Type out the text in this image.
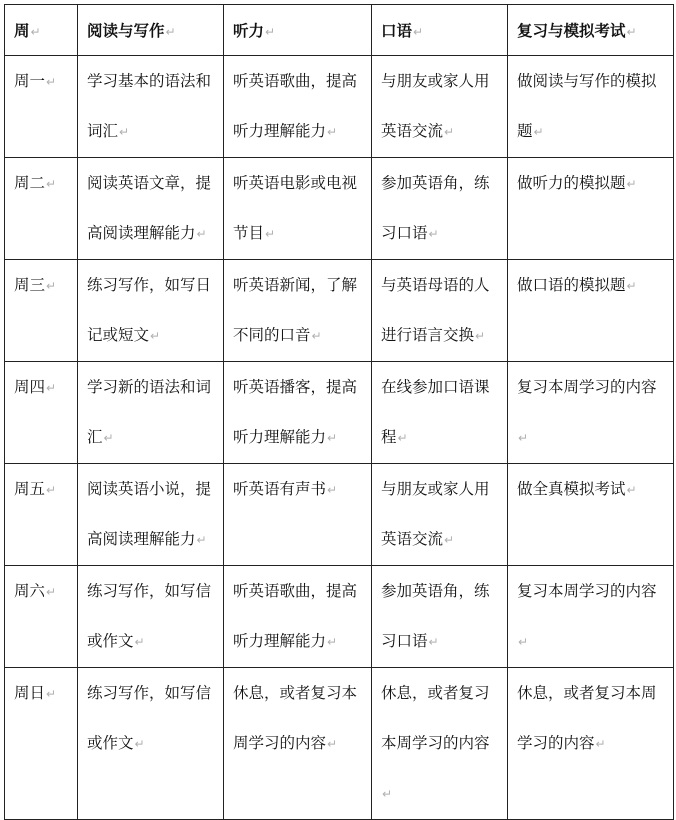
周↵	阅读与写作↵	听力↵	口语↵	复习与模拟考试↵
周一↵	学习基本的语法和词汇↵	听英语歌曲，提高听力理解能力↵	与朋友或家人用英语交流↵	做阅读与写作的模拟题↵
周二↵	阅读英语文章，提高阅读理解能力↵	听英语电影或电视节目↵	参加英语角，练习口语↵	做听力的模拟题↵
周三↵	练习写作，如写日记或短文↵	听英语新闻，了解不同的口音↵	与英语母语的人进行语言交换↵	做口语的模拟题↵
周四↵	学习新的语法和词汇↵	听英语播客，提高听力理解能力↵	在线参加口语课程↵	复习本周学习的内容↵
周五↵	阅读英语小说，提高阅读理解能力↵	听英语有声书↵	与朋友或家人用英语交流↵	做全真模拟考试↵
周六↵	练习写作，如写信或作文↵	听英语歌曲，提高听力理解能力↵	参加英语角，练习口语↵	复习本周学习的内容↵
周日↵	练习写作，如写信或作文↵	休息，或者复习本周学习的内容↵	休息，或者复习本周学习的内容↵	休息，或者复习本周学习的内容↵
